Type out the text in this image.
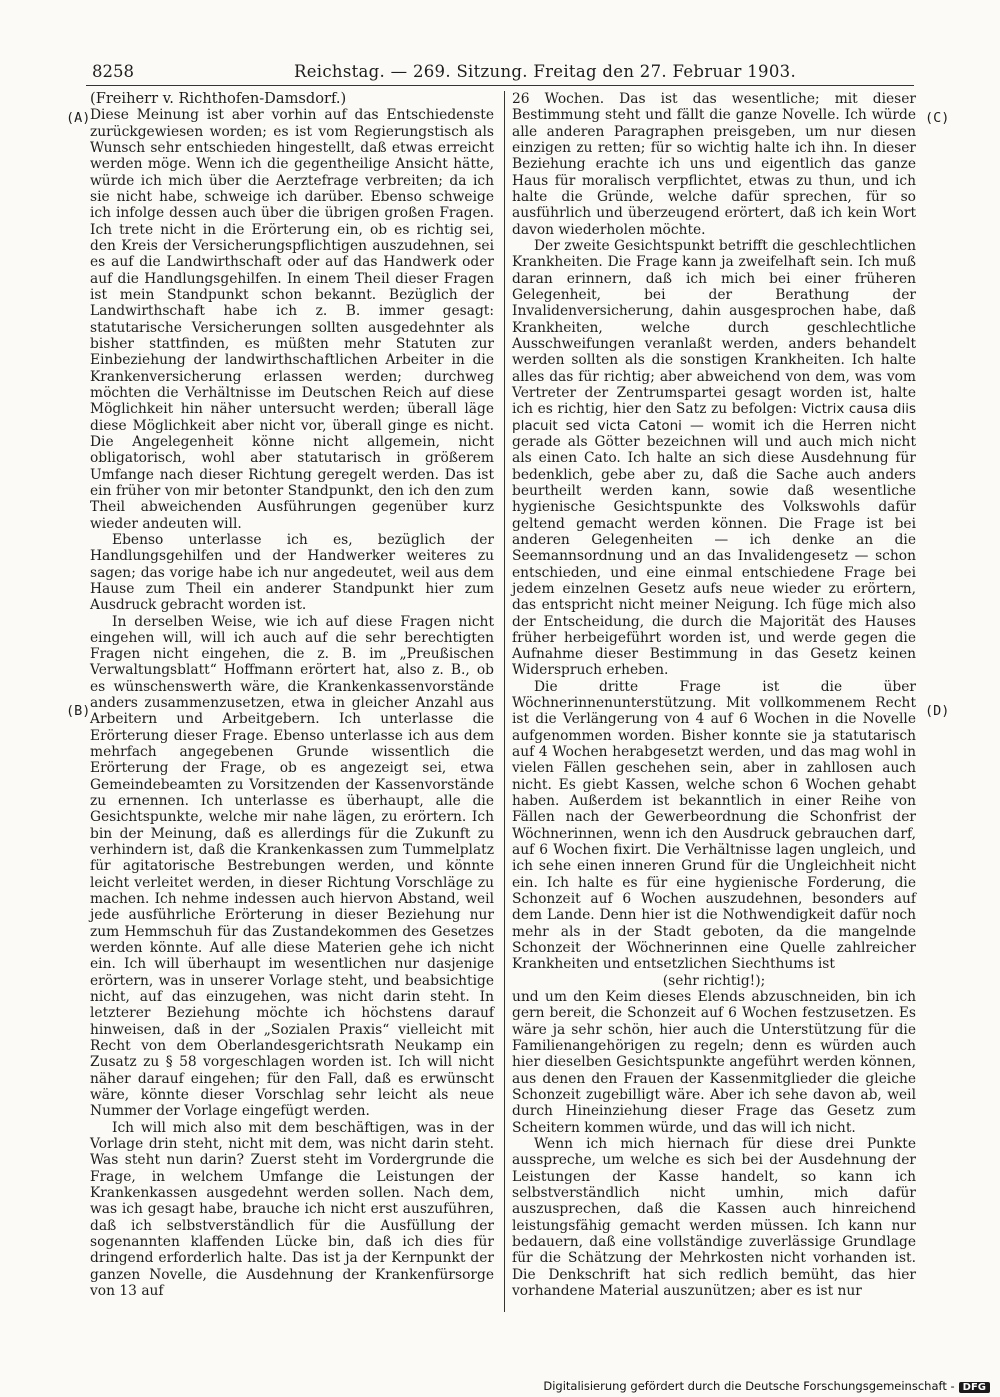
8258	Reichstag. — 269. Sitzung. Freitag den 27. Februar 1903.
(A)
(B)
(C)
(D)

(Freiherr v. Richthofen-Damsdorf.)

Diese Meinung ist aber vorhin auf das Entschiedenste zurückgewiesen worden; es ist vom Regierungstisch als Wunsch sehr entschieden hingestellt, daß etwas erreicht werden möge. Wenn ich die gegentheilige Ansicht hätte, würde ich mich über die Aerztefrage verbreiten; da ich sie nicht habe, schweige ich darüber. Ebenso schweige ich infolge dessen auch über die übrigen großen Fragen. Ich trete nicht in die Erörterung ein, ob es richtig sei, den Kreis der Versicherungspflichtigen auszudehnen, sei es auf die Landwirthschaft oder auf das Handwerk oder auf die Handlungsgehilfen. In einem Theil dieser Fragen ist mein Standpunkt schon bekannt. Bezüglich der Landwirthschaft habe ich z. B. immer gesagt: statutarische Versicherungen sollten ausgedehnter als bisher stattfinden, es müßten mehr Statuten zur Einbeziehung der landwirthschaftlichen Arbeiter in die Krankenversicherung erlassen werden; durchweg möchten die Verhältnisse im Deutschen Reich auf diese Möglichkeit hin näher untersucht werden; überall läge diese Möglichkeit aber nicht vor, überall ginge es nicht. Die Angelegenheit könne nicht allgemein, nicht obligatorisch, wohl aber statutarisch in größerem Umfange nach dieser Richtung geregelt werden. Das ist ein früher von mir betonter Standpunkt, den ich den zum Theil abweichenden Ausführungen gegenüber kurz wieder andeuten will.

Ebenso unterlasse ich es, bezüglich der Handlungsgehilfen und der Handwerker weiteres zu sagen; das vorige habe ich nur angedeutet, weil aus dem Hause zum Theil ein anderer Standpunkt hier zum Ausdruck gebracht worden ist.

In derselben Weise, wie ich auf diese Fragen nicht eingehen will, will ich auch auf die sehr berechtigten Fragen nicht eingehen, die z. B. im „Preußischen Verwaltungsblatt“ Hoffmann erörtert hat, also z. B., ob es wünschenswerth wäre, die Krankenkassenvorstände anders zusammenzusetzen, etwa in gleicher Anzahl aus Arbeitern und Arbeitgebern. Ich unterlasse die Erörterung dieser Frage. Ebenso unterlasse ich aus dem mehrfach angegebenen Grunde wissentlich die Erörterung der Frage, ob es angezeigt sei, etwa Gemeindebeamten zu Vorsitzenden der Kassenvorstände zu ernennen. Ich unterlasse es überhaupt, alle die Gesichtspunkte, welche mir nahe lägen, zu erörtern. Ich bin der Meinung, daß es allerdings für die Zukunft zu verhindern ist, daß die Krankenkassen zum Tummelplatz für agitatorische Bestrebungen werden, und könnte leicht verleitet werden, in dieser Richtung Vorschläge zu machen. Ich nehme indessen auch hiervon Abstand, weil jede ausführliche Erörterung in dieser Beziehung nur zum Hemmschuh für das Zustandekommen des Gesetzes werden könnte. Auf alle diese Materien gehe ich nicht ein. Ich will überhaupt im wesentlichen nur dasjenige erörtern, was in unserer Vorlage steht, und beabsichtige nicht, auf das einzugehen, was nicht darin steht. In letzterer Beziehung möchte ich höchstens darauf hinweisen, daß in der „Sozialen Praxis“ vielleicht mit Recht von dem Oberlandesgerichtsrath Neukamp ein Zusatz zu § 58 vorgeschlagen worden ist. Ich will nicht näher darauf eingehen; für den Fall, daß es erwünscht wäre, könnte dieser Vorschlag sehr leicht als neue Nummer der Vorlage eingefügt werden.

Ich will mich also mit dem beschäftigen, was in der Vorlage drin steht, nicht mit dem, was nicht darin steht. Was steht nun darin? Zuerst steht im Vordergrunde die Frage, in welchem Umfange die Leistungen der Krankenkassen ausgedehnt werden sollen. Nach dem, was ich gesagt habe, brauche ich nicht erst auszuführen, daß ich selbstverständlich für die Ausfüllung der sogenannten klaffenden Lücke bin, daß ich dies für dringend erforderlich halte. Das ist ja der Kernpunkt der ganzen Novelle, die Ausdehnung der Krankenfürsorge von 13 auf

26 Wochen. Das ist das wesentliche; mit dieser Bestimmung steht und fällt die ganze Novelle. Ich würde alle anderen Paragraphen preisgeben, um nur diesen einzigen zu retten; für so wichtig halte ich ihn. In dieser Beziehung erachte ich uns und eigentlich das ganze Haus für moralisch verpflichtet, etwas zu thun, und ich halte die Gründe, welche dafür sprechen, für so ausführlich und überzeugend erörtert, daß ich kein Wort davon wiederholen möchte.

Der zweite Gesichtspunkt betrifft die geschlechtlichen Krankheiten. Die Frage kann ja zweifelhaft sein. Ich muß daran erinnern, daß ich mich bei einer früheren Gelegenheit, bei der Berathung der Invalidenversicherung, dahin ausgesprochen habe, daß Krankheiten, welche durch geschlechtliche Ausschweifungen veranlaßt werden, anders behandelt werden sollten als die sonstigen Krankheiten. Ich halte alles das für richtig; aber abweichend von dem, was vom Vertreter der Zentrumspartei gesagt worden ist, halte ich es richtig, hier den Satz zu befolgen: Victrix causa diis placuit sed victa Catoni — womit ich die Herren nicht gerade als Götter bezeichnen will und auch mich nicht als einen Cato. Ich halte an sich diese Ausdehnung für bedenklich, gebe aber zu, daß die Sache auch anders beurtheilt werden kann, sowie daß wesentliche hygienische Gesichtspunkte des Volkswohls dafür geltend gemacht werden können. Die Frage ist bei anderen Gelegenheiten — ich denke an die Seemannsordnung und an das Invalidengesetz — schon entschieden, und eine einmal entschiedene Frage bei jedem einzelnen Gesetz aufs neue wieder zu erörtern, das entspricht nicht meiner Neigung. Ich füge mich also der Entscheidung, die durch die Majorität des Hauses früher herbeigeführt worden ist, und werde gegen die Aufnahme dieser Bestimmung in das Gesetz keinen Widerspruch erheben.

Die dritte Frage ist die über Wöchnerinnenunterstützung. Mit vollkommenem Recht ist die Verlängerung von 4 auf 6 Wochen in die Novelle aufgenommen worden. Bisher konnte sie ja statutarisch auf 4 Wochen herabgesetzt werden, und das mag wohl in vielen Fällen geschehen sein, aber in zahllosen auch nicht. Es giebt Kassen, welche schon 6 Wochen gehabt haben. Außerdem ist bekanntlich in einer Reihe von Fällen nach der Gewerbeordnung die Schonfrist der Wöchnerinnen, wenn ich den Ausdruck gebrauchen darf, auf 6 Wochen fixirt. Die Verhältnisse lagen ungleich, und ich sehe einen inneren Grund für die Ungleichheit nicht ein. Ich halte es für eine hygienische Forderung, die Schonzeit auf 6 Wochen auszudehnen, besonders auf dem Lande. Denn hier ist die Nothwendigkeit dafür noch mehr als in der Stadt geboten, da die mangelnde Schonzeit der Wöchnerinnen eine Quelle zahlreicher Krankheiten und entsetzlichen Siechthums ist

(sehr richtig!);

und um den Keim dieses Elends abzuschneiden, bin ich gern bereit, die Schonzeit auf 6 Wochen festzusetzen. Es wäre ja sehr schön, hier auch die Unterstützung für die Familienangehörigen zu regeln; denn es würden auch hier dieselben Gesichtspunkte angeführt werden können, aus denen den Frauen der Kassenmitglieder die gleiche Schonzeit zugebilligt wäre. Aber ich sehe davon ab, weil durch Hineinziehung dieser Frage das Gesetz zum Scheitern kommen würde, und das will ich nicht.

Wenn ich mich hiernach für diese drei Punkte ausspreche, um welche es sich bei der Ausdehnung der Leistungen der Kasse handelt, so kann ich selbstverständlich nicht umhin, mich dafür auszusprechen, daß die Kassen auch hinreichend leistungsfähig gemacht werden müssen. Ich kann nur bedauern, daß eine vollständige zuverlässige Grundlage für die Schätzung der Mehrkosten nicht vorhanden ist. Die Denkschrift hat sich redlich bemüht, das hier vorhandene Material auszunützen; aber es ist nur

Digitalisierung gefördert durch die Deutsche Forschungsgemeinschaft - DFG
